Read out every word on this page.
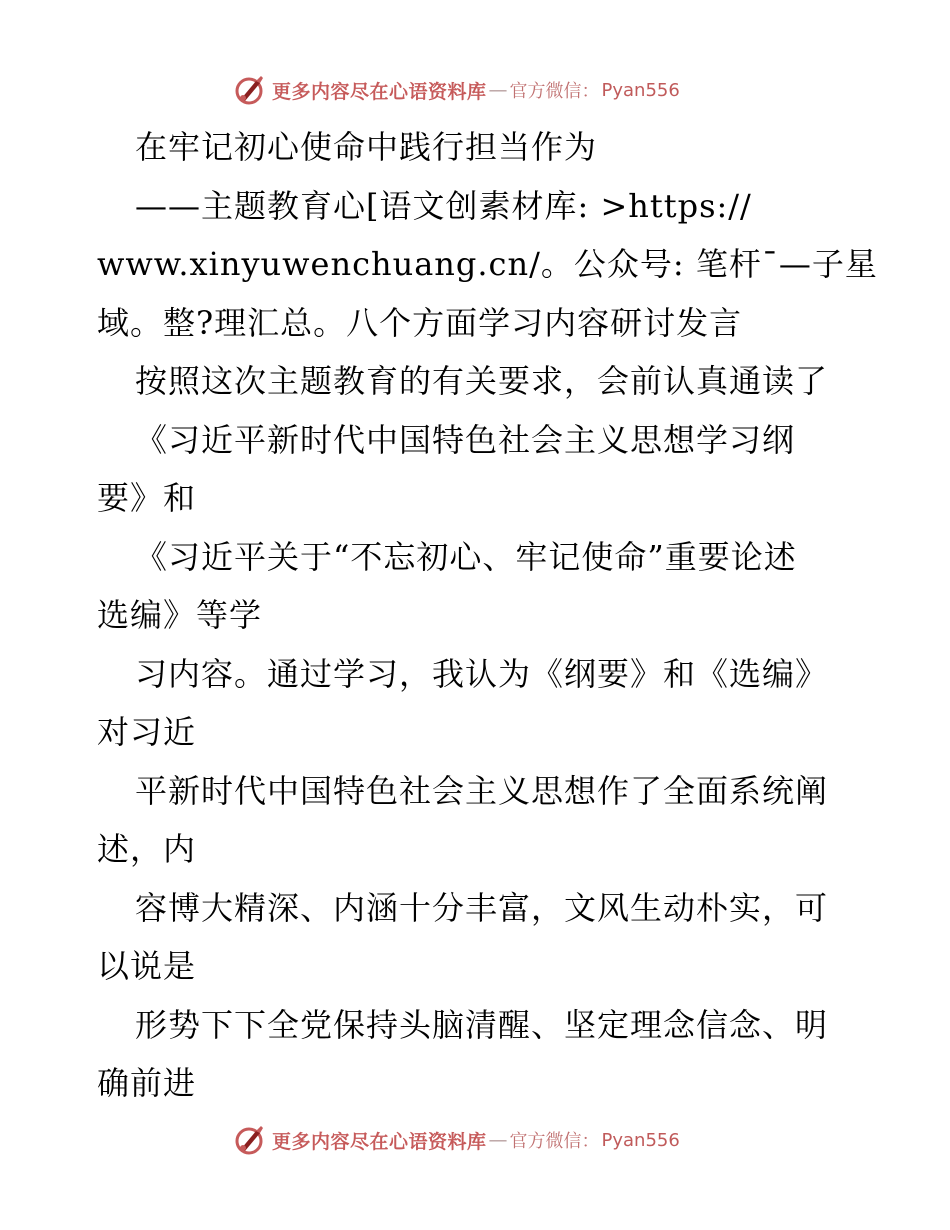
更多内容尽在心语资料库 — 官方微信： Pyan556
在牢记初心使命中践行担当作为
——主题教育心[语文创素材库: >https://
www.xinyuwenchuang.cn/。公众号: 笔杆¯—子星
域。整?理汇总。八个方面学习内容研讨发言
按照这次主题教育的有关要求，会前认真通读了
《习近平新时代中国特色社会主义思想学习纲
要》和
《习近平关于“不忘初心、牢记使命”重要论述
选编》等学
习内容。通过学习，我认为《纲要》和《选编》
对习近
平新时代中国特色社会主义思想作了全面系统阐
述，内
容博大精深、内涵十分丰富，文风生动朴实，可
以说是
形势下下全党保持头脑清醒、坚定理念信念、明
确前进
更多内容尽在心语资料库 — 官方微信： Pyan556
